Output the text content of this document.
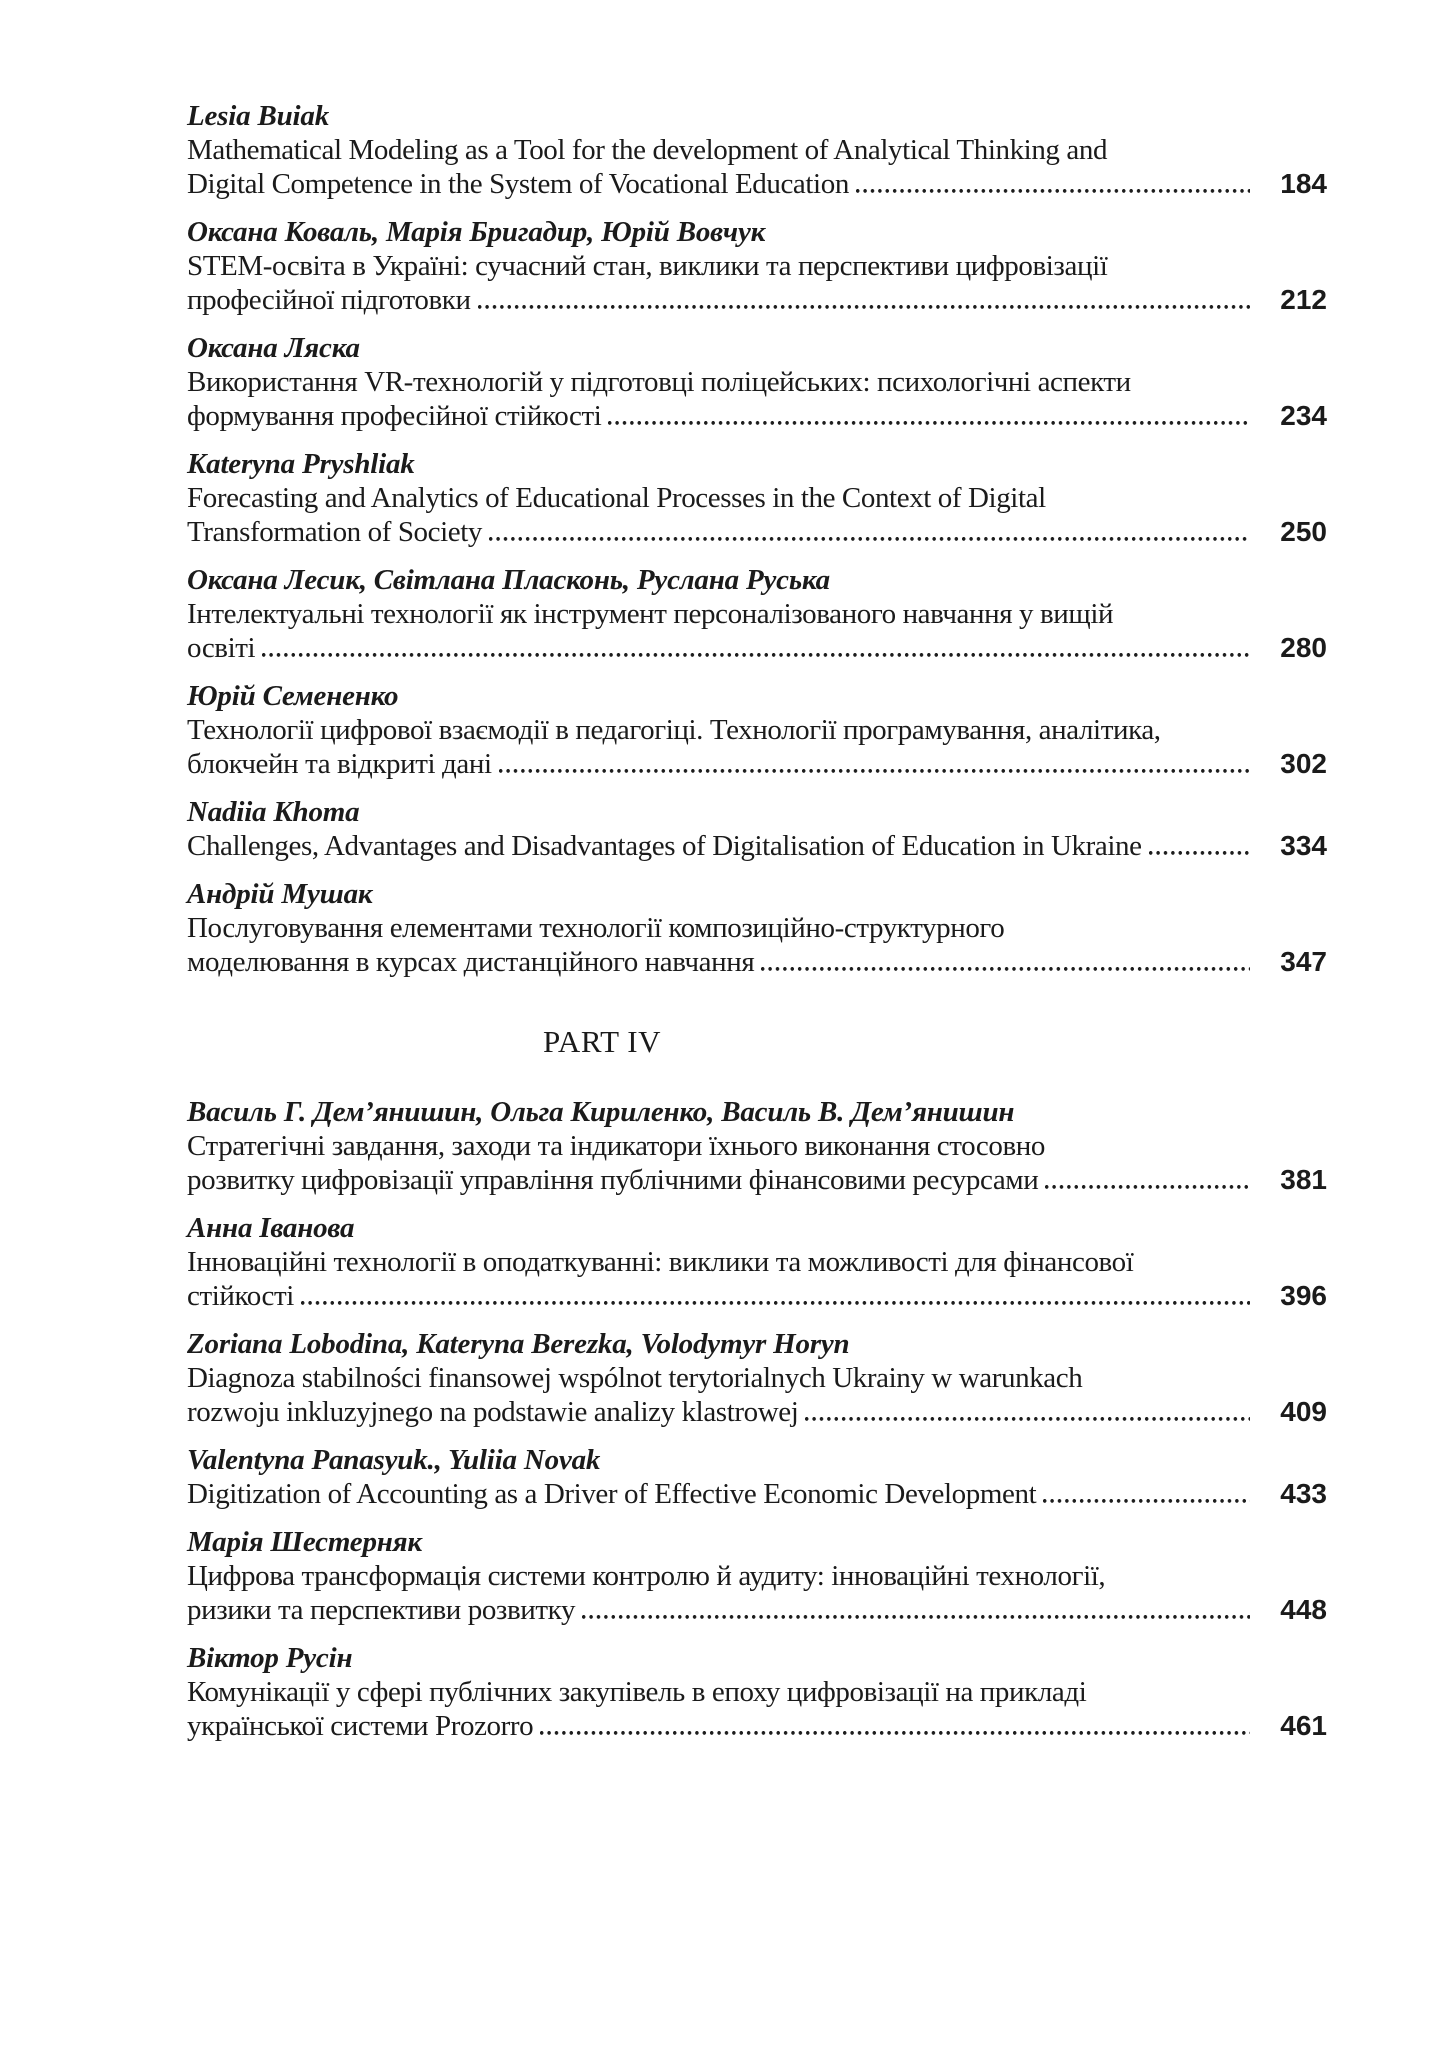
Lesia Buiak
Mathematical Modeling as a Tool for the development of Analytical Thinking and
Digital Competence in the System of Vocational Education	184
Оксана Коваль, Марія Бригадир, Юрій Вовчук
STEM-освіта в Україні: сучасний стан, виклики та перспективи цифровізації
професійної підготовки	212
Оксана Ляска
Використання VR-технологій у підготовці поліцейських: психологічні аспекти
формування професійної стійкості	234
Kateryna Pryshliak
Forecasting and Analytics of Educational Processes in the Context of Digital
Transformation of Society	250
Оксана Лесик, Світлана Пласконь, Руслана Руська
Інтелектуальні технології як інструмент персоналізованого навчання у вищій
освіті	280
Юрій Семененко
Технології цифрової взаємодії в педагогіці. Технології програмування, аналітика,
блокчейн та відкриті дані	302
Nadiia Khoma
Challenges, Advantages and Disadvantages of Digitalisation of Education in Ukraine	334
Андрій Мушак
Послуговування елементами технології композиційно-структурного
моделювання в курсах дистанційного навчання	347
PART IV
Василь Г. Дем’янишин, Ольга Кириленко, Василь В. Дем’янишин
Стратегічні завдання, заходи та індикатори їхнього виконання стосовно
розвитку цифровізації управління публічними фінансовими ресурсами	381
Анна Іванова
Інноваційні технології в оподаткуванні: виклики та можливості для фінансової
стійкості	396
Zoriana Lobodina, Kateryna Berezka, Volodymyr Horyn
Diagnoza stabilności finansowej wspólnot terytorialnych Ukrainy w warunkach
rozwoju inkluzyjnego na podstawie analizy klastrowej	409
Valentyna Panasyuk., Yuliia Novak
Digitization of Accounting as a Driver of Effective Economic Development	433
Марія Шестерняк
Цифрова трансформація системи контролю й аудиту: інноваційні технології,
ризики та перспективи розвитку	448
Віктор Русін
Комунікації у сфері публічних закупівель в епоху цифровізації на прикладі
української системи Prozorro	461
